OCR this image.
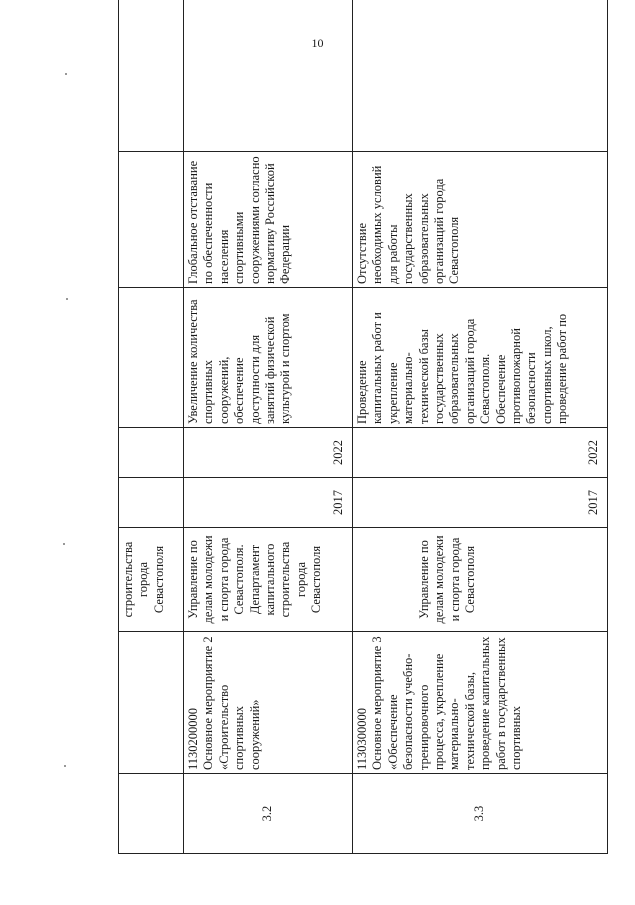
10
		строительства города Севастополя					
3.2	1130200000 Основное мероприятие 2 «Строительство спортивных сооружений»	Управление по делам молодежи и спорта города Севастополя. Департамент капитального строительства города Севастополя	2017	2022	Увеличение количества спортивных сооружений, обеспечение доступности для занятий физической культурой и спортом	Глобальное отставание по обеспеченности населения спортивными сооружениями согласно нормативу Российской Федерации	
3.3	1130300000 Основное мероприятие 3 «Обеспечение безопасности учебно-тренировочного процесса, укрепление материально-технической базы, проведение капитальных работ в государственных спортивных	Управление по делам молодежи и спорта города Севастополя	2017	2022	Проведение капитальных работ и укрепление материально-технической базы государственных образовательных организаций города Севастополя. Обеспечение противопожарной безопасности спортивных школ, проведение работ по	Отсутствие необходимых условий для работы государственных образовательных организаций города Севастополя	
